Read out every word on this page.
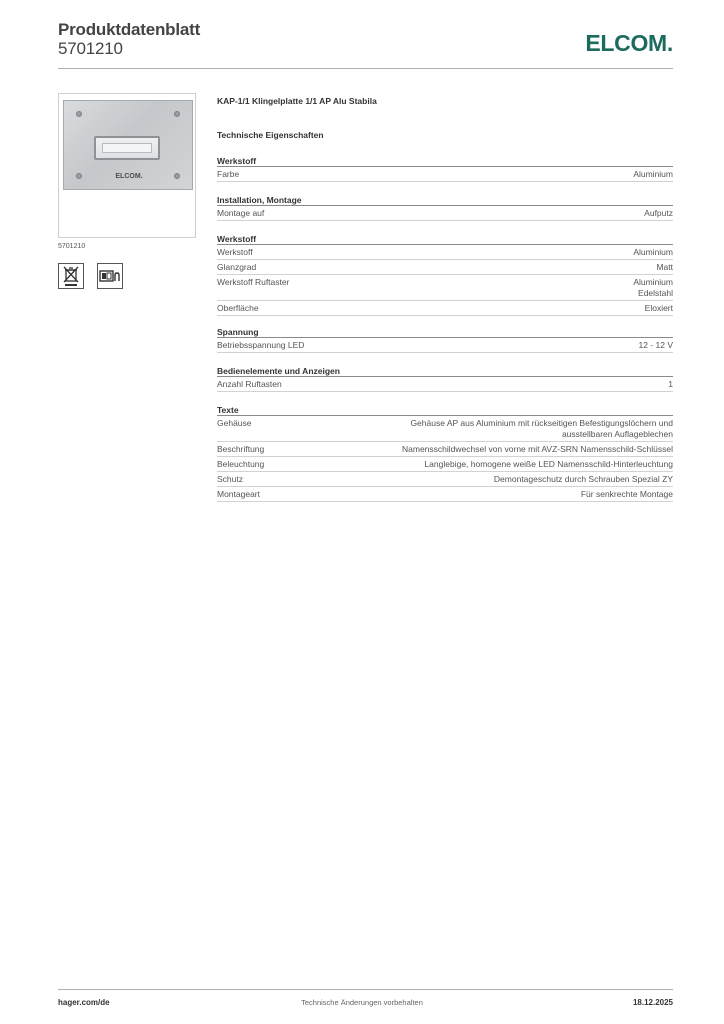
Produktdatenblatt
5701210	ELCOM.
ELCOM.
5701210
KAP-1/1 Klingelplatte 1/1 AP Alu Stabila
Technische Eigenschaften
Werkstoff
Farbe	Aluminium
Installation, Montage
Montage auf	Aufputz
Werkstoff
Werkstoff	Aluminium
Glanzgrad	Matt
Werkstoff Ruftaster	Aluminium
Edelstahl
Oberfläche	Eloxiert
Spannung
Betriebsspannung LED	12 - 12 V
Bedienelemente und Anzeigen
Anzahl Ruftasten	1
Texte
Gehäuse	Gehäuse AP aus Aluminium mit rückseitigen Befestigungslöchern und
ausstellbaren Auflageblechen
Beschriftung	Namensschildwechsel von vorne mit AVZ-SRN Namensschild-Schlüssel
Beleuchtung	Langlebige, homogene weiße LED Namensschild-Hinterleuchtung
Schutz	Demontageschutz durch Schrauben Spezial ZY
Montageart	Für senkrechte Montage
hager.com/de	Technische Änderungen vorbehalten	18.12.2025
